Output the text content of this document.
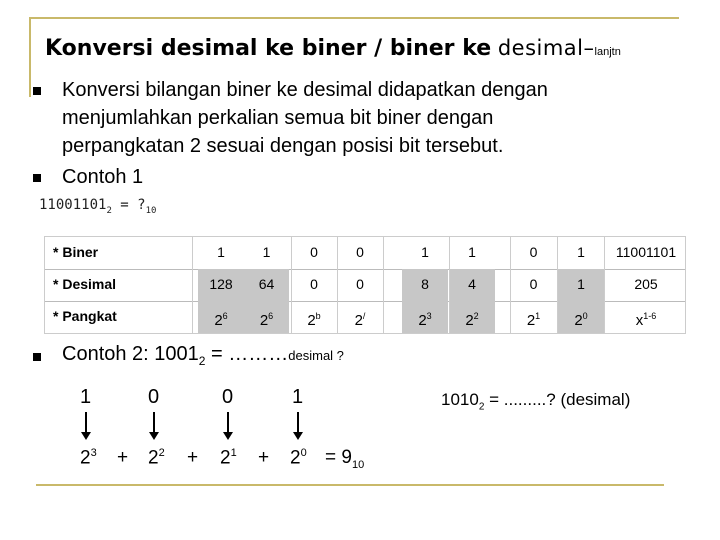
Konversi desimal ke biner / biner ke desimal–lanjtn
Konversi bilangan biner ke desimal didapatkan dengan
menjumlahkan perkalian semua bit biner dengan
perpangkatan 2 sesuai dengan posisi bit tersebut.
Contoh 1
$11001101_2$ = $?_{10}$
* Biner	1	1	0	0	1	1	0	1	11001101
* Desimal	128	64	0	0	8	4	0	1	205
* Pangkat	$2^6$	$2^6$	2$^b$	2/	$2^3$	$2^2$	$2^1$	$2^0$	$x^{1-6}$
Contoh 2: $1001_2$ = ………desimal ?
1	0	0	1
$2^3$	$2^2$	$2^1$	$2^0$
+	+	+	= $9_{10}$
$1010_2$ = .........? (desimal)
